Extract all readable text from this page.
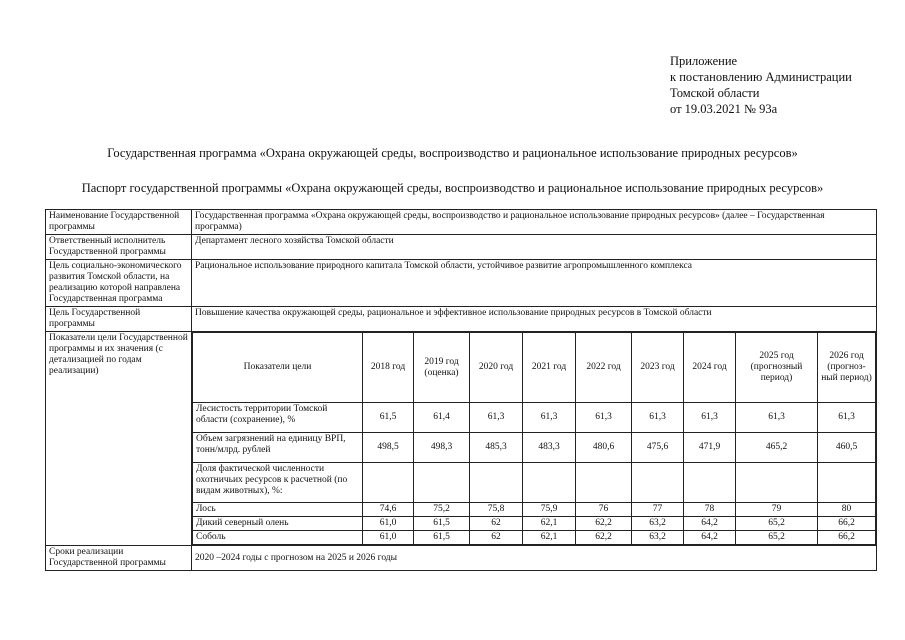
Приложение
к постановлению Администрации
Томской области
от 19.03.2021 № 93а
Государственная программа «Охрана окружающей среды, воспроизводство и рациональное использование природных ресурсов»
Паспорт государственной программы «Охрана окружающей среды, воспроизводство и рациональное использование природных ресурсов»
Наименование Государственной программы	Государственная программа «Охрана окружающей среды, воспроизводство и рациональное использование природных ресурсов» (далее – Государственная программа)
Ответственный исполнитель Государственной программы	Департамент лесного хозяйства Томской области
Цель социально-экономического развития Томской области, на реализацию которой направлена Государственная программа	Рациональное использование природного капитала Томской области, устойчивое развитие агропромышленного комплекса
Цель Государственной программы	Повышение качества окружающей среды, рациональное и эффективное использование природных ресурсов в Томской области
Показатели цели Государственной программы и их значения (с детализацией по годам реализации)		Показатели цели	2018 год	2019 год (оценка)	2020 год	2021 год	2022 год	2023 год	2024 год	2025 год (прогнозный период)	2026 год (прогноз-ный период)
Лесистость территории Томской области (сохранение), %	61,5	61,4	61,3	61,3	61,3	61,3	61,3	61,3	61,3
Объем загрязнений на единицу ВРП, тонн/млрд. рублей	498,5	498,3	485,3	483,3	480,6	475,6	471,9	465,2	460,5
Доля фактической численности охотничьих ресурсов к расчетной (по видам животных), %:									
Лось	74,6	75,2	75,8	75,9	76	77	78	79	80
Дикий северный олень	61,0	61,5	62	62,1	62,2	63,2	64,2	65,2	66,2
Соболь	61,0	61,5	62	62,1	62,2	63,2	64,2	65,2	66,2

Сроки реализации Государственной программы	2020 –2024 годы с прогнозом на 2025 и 2026 годы
